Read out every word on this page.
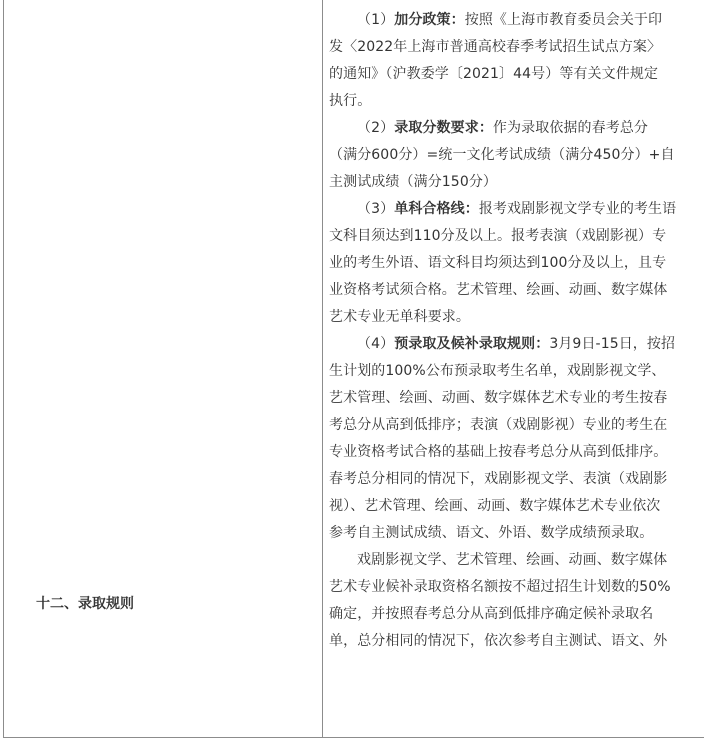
十二、录取规则

（1）加分政策：按照《上海市教育委员会关于印
发〈2022年上海市普通高校春季考试招生试点方案〉
的通知》（沪教委学〔2021〕44号）等有关文件规定
执行。

（2）录取分数要求：作为录取依据的春考总分
（满分600分）=统一文化考试成绩（满分450分）+自
主测试成绩（满分150分）

（3）单科合格线：报考戏剧影视文学专业的考生语
文科目须达到110分及以上。报考表演（戏剧影视）专
业的考生外语、语文科目均须达到100分及以上，且专
业资格考试须合格。艺术管理、绘画、动画、数字媒体
艺术专业无单科要求。

（4）预录取及候补录取规则：3月9日-15日，按招
生计划的100%公布预录取考生名单，戏剧影视文学、
艺术管理、绘画、动画、数字媒体艺术专业的考生按春
考总分从高到低排序；表演（戏剧影视）专业的考生在
专业资格考试合格的基础上按春考总分从高到低排序。
春考总分相同的情况下，戏剧影视文学、表演（戏剧影
视）、艺术管理、绘画、动画、数字媒体艺术专业依次
参考自主测试成绩、语文、外语、数学成绩预录取。

戏剧影视文学、艺术管理、绘画、动画、数字媒体
艺术专业候补录取资格名额按不超过招生计划数的50%
确定，并按照春考总分从高到低排序确定候补录取名
单，总分相同的情况下，依次参考自主测试、语文、外
